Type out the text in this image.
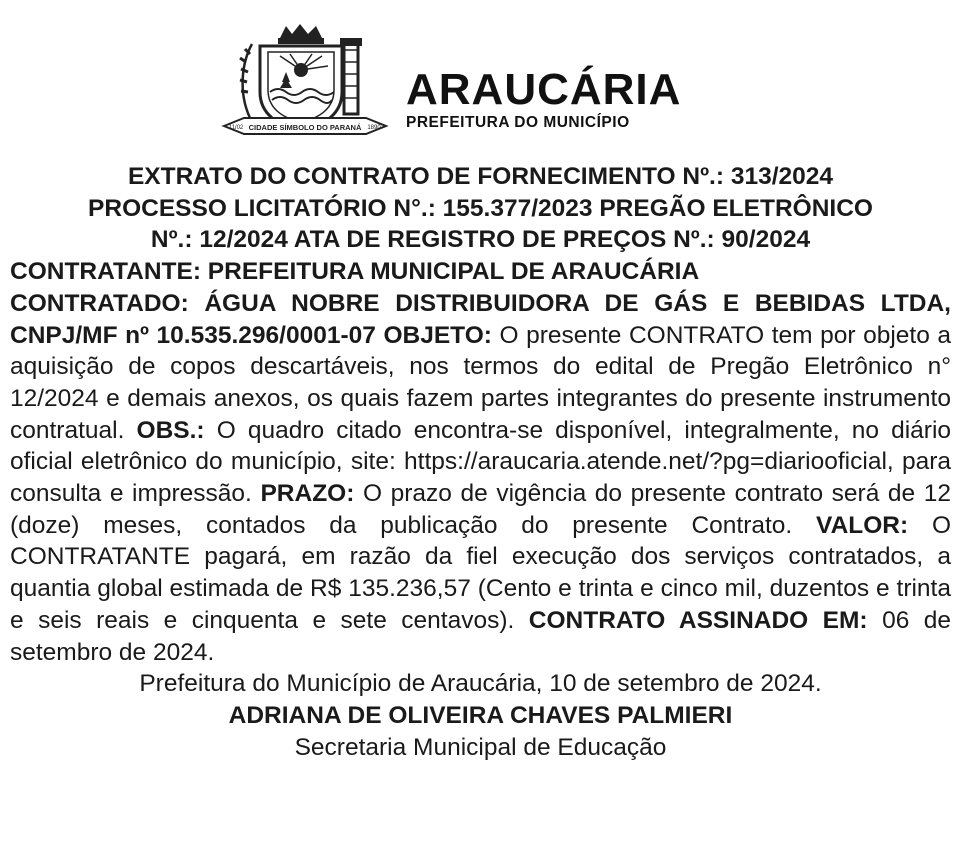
CIDADE SÍMBOLO DO PARANÁ
11/02	1890
ARAUCÁRIA
PREFEITURA DO MUNICÍPIO

EXTRATO DO CONTRATO DE FORNECIMENTO Nº.: 313/2024

PROCESSO LICITATÓRIO N°.: 155.377/2023 PREGÃO ELETRÔNICO

Nº.: 12/2024 ATA DE REGISTRO DE PREÇOS Nº.: 90/2024

CONTRATANTE: PREFEITURA MUNICIPAL DE ARAUCÁRIA

CONTRATADO: ÁGUA NOBRE DISTRIBUIDORA DE GÁS E BEBIDAS LTDA, CNPJ/MF nº 10.535.296/0001-07 OBJETO: O presente CONTRATO tem por objeto a aquisição de copos descartáveis, nos termos do edital de Pregão Eletrônico n° 12/2024 e demais anexos, os quais fazem partes integrantes do presente instrumento contratual. OBS.: O quadro citado encontra-se disponível, integralmente, no diário oficial eletrônico do município, site: https://araucaria.atende.net/?pg=diariooficial, para consulta e impressão. PRAZO: O prazo de vigência do presente contrato será de 12 (doze) meses, contados da publicação do presente Contrato. VALOR: O CONTRATANTE pagará, em razão da fiel execução dos serviços contratados, a quantia global estimada de R$ 135.236,57 (Cento e trinta e cinco mil, duzentos e trinta e seis reais e cinquenta e sete centavos). CONTRATO ASSINADO EM: 06 de setembro de 2024.

Prefeitura do Município de Araucária, 10 de setembro de 2024.

ADRIANA DE OLIVEIRA CHAVES PALMIERI

Secretaria Municipal de Educação
